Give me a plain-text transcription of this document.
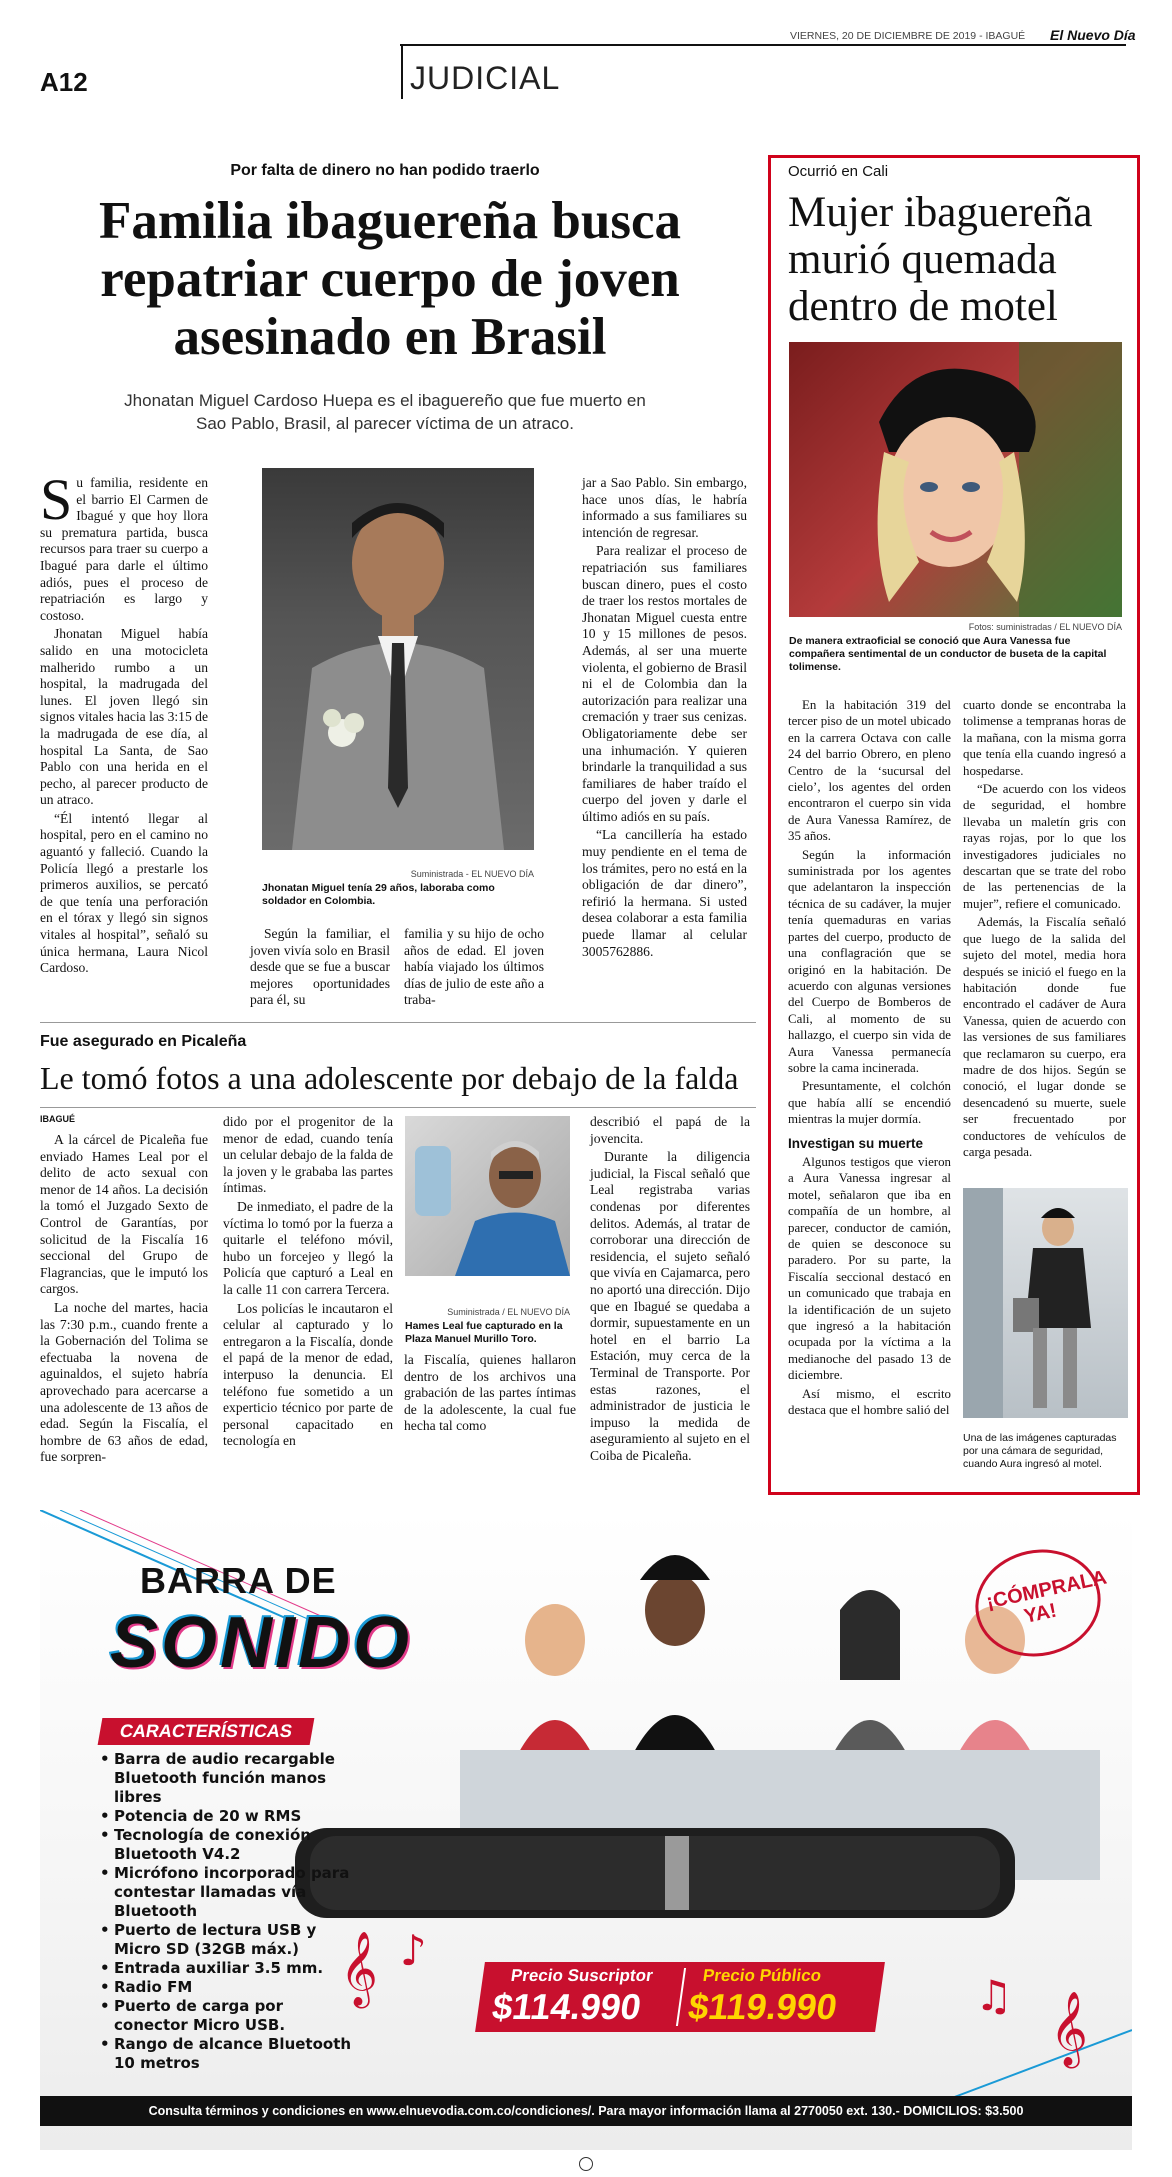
VIERNES, 20 DE DICIEMBRE DE 2019 - IBAGUÉ El Nuevo Día
A12	JUDICIAL
Por falta de dinero no han podido traerlo
Familia ibaguereña busca repatriar cuerpo de joven asesinado en Brasil
Jhonatan Miguel Cardoso Huepa es el ibaguereño que fue muerto en Sao Pablo, Brasil, al parecer víctima de un atraco.

Su familia, residente en el barrio El Carmen de Ibagué y que hoy llora su prematura partida, busca recursos para traer su cuerpo a Ibagué para darle el último adiós, pues el proceso de repatriación es largo y costoso.

Jhonatan Miguel había salido en una motocicleta malherido rumbo a un hospital, la madrugada del lunes. El joven llegó sin signos vitales hacia las 3:15 de la madrugada de ese día, al hospital La Santa, de Sao Pablo con una herida en el pecho, al parecer producto de un atraco.

“Él intentó llegar al hospital, pero en el camino no aguantó y falleció. Cuando la Policía llegó a prestarle los primeros auxilios, se percató de que tenía una perforación en el tórax y llegó sin signos vitales al hospital”, señaló su única hermana, Laura Nicol Cardoso.

Suministrada - EL NUEVO DÍA
Jhonatan Miguel tenía 29 años, laboraba como soldador en Colombia.

Según la familiar, el joven vivía solo en Brasil desde que se fue a buscar mejores oportunidades para él, su

familia y su hijo de ocho años de edad. El joven había viajado los últimos días de julio de este año a traba-

jar a Sao Pablo. Sin embargo, hace unos días, le habría informado a sus familiares su intención de regresar.

Para realizar el proceso de repatriación sus familiares buscan dinero, pues el costo de traer los restos mortales de Jhonatan Miguel cuesta entre 10 y 15 millones de pesos. Además, al ser una muerte violenta, el gobierno de Brasil ni el de Colombia dan la autorización para realizar una cremación y traer sus cenizas. Obligatoriamente debe ser una inhumación. Y quieren brindarle la tranquilidad a sus familiares de haber traído el cuerpo del joven y darle el último adiós en su país.

“La cancillería ha estado muy pendiente en el tema de los trámites, pero no está en la obligación de dar dinero”, refirió la hermana. Si usted desea colaborar a esta familia puede llamar al celular 3005762886.

Fue asegurado en Picaleña
Le tomó fotos a una adolescente por debajo de la falda
IBAGUÉ

A la cárcel de Picaleña fue enviado Hames Leal por el delito de acto sexual con menor de 14 años. La decisión la tomó el Juzgado Sexto de Control de Garantías, por solicitud de la Fiscalía 16 seccional del Grupo de Flagrancias, que le imputó los cargos.

La noche del martes, hacia las 7:30 p.m., cuando frente a la Gobernación del Tolima se efectuaba la novena de aguinaldos, el sujeto habría aprovechado para acercarse a una adolescente de 13 años de edad. Según la Fiscalía, el hombre de 63 años de edad, fue sorpren-

dido por el progenitor de la menor de edad, cuando tenía un celular debajo de la falda de la joven y le grababa las partes íntimas.

De inmediato, el padre de la víctima lo tomó por la fuerza a quitarle el teléfono móvil, hubo un forcejeo y llegó la Policía que capturó a Leal en la calle 11 con carrera Tercera.

Los policías le incautaron el celular al capturado y lo entregaron a la Fiscalía, donde el papá de la menor de edad, interpuso la denuncia. El teléfono fue sometido a un experticio técnico por parte de personal capacitado en tecnología en

Suministrada / EL NUEVO DÍA
Hames Leal fue capturado en la Plaza Manuel Murillo Toro.

la Fiscalía, quienes hallaron dentro de los archivos una grabación de las partes íntimas de la adolescente, la cual fue hecha tal como

describió el papá de la jovencita.

Durante la diligencia judicial, la Fiscal señaló que Leal registraba varias condenas por diferentes delitos. Además, al tratar de corroborar una dirección de residencia, el sujeto señaló que vivía en Cajamarca, pero no aportó una dirección. Dijo que en Ibagué se quedaba a dormir, supuestamente en un hotel en el barrio La Estación, muy cerca de la Terminal de Transporte. Por estas razones, el administrador de justicia le impuso la medida de aseguramiento al sujeto en el Coiba de Picaleña.

Ocurrió en Cali
Mujer ibaguereña murió quemada dentro de motel
Fotos: suministradas / EL NUEVO DÍA
De manera extraoficial se conoció que Aura Vanessa fue compañera sentimental de un conductor de buseta de la capital tolimense.

En la habitación 319 del tercer piso de un motel ubicado en la carrera Octava con calle 24 del barrio Obrero, en pleno Centro de la ‘sucursal del cielo’, los agentes del orden encontraron el cuerpo sin vida de Aura Vanessa Ramírez, de 35 años.

Según la información suministrada por los agentes que adelantaron la inspección técnica de su cadáver, la mujer tenía quemaduras en varias partes del cuerpo, producto de una conflagración que se originó en la habitación. De acuerdo con algunas versiones del Cuerpo de Bomberos de Cali, al momento de su hallazgo, el cuerpo sin vida de Aura Vanessa permanecía sobre la cama incinerada.

Presuntamente, el colchón que había allí se encendió mientras la mujer dormía.

Investigan su muerte

Algunos testigos que vieron a Aura Vanessa ingresar al motel, señalaron que iba en compañía de un hombre, al parecer, conductor de camión, de quien se desconoce su paradero. Por su parte, la Fiscalía seccional destacó en un comunicado que trabaja en la identificación de un sujeto que ingresó a la habitación ocupada por la víctima a la medianoche del pasado 13 de diciembre.

Así mismo, el escrito destaca que el hombre salió del

cuarto donde se encontraba la tolimense a tempranas horas de la mañana, con la misma gorra que tenía ella cuando ingresó a hospedarse.

“De acuerdo con los videos de seguridad, el hombre llevaba un maletín gris con rayas rojas, por lo que los investigadores judiciales no descartan que se trate del robo de las pertenencias de la mujer”, refiere el comunicado.

Además, la Fiscalía señaló que luego de la salida del sujeto del motel, media hora después se inició el fuego en la habitación donde fue encontrado el cadáver de Aura Vanessa, quien de acuerdo con las versiones de sus familiares que reclamaron su cuerpo, era madre de dos hijos. Según se conoció, el lugar donde se desencadenó su muerte, suele ser frecuentado por conductores de vehículos de carga pesada.

Una de las imágenes capturadas por una cámara de seguridad, cuando Aura ingresó al motel.
𝄞 ♪
♫ 𝄞
BARRA DE
SONIDO
¡CÓMPRALA YA!
CARACTERÍSTICAS
• Barra de audio recargable Bluetooth función manos libres
• Potencia de 20 w RMS
• Tecnología de conexión Bluetooth V4.2
• Micrófono incorporado para contestar llamadas vía Bluetooth
• Puerto de lectura USB y Micro SD (32GB máx.)
• Entrada auxiliar 3.5 mm.
• Radio FM
• Puerto de carga por conector Micro USB.
• Rango de alcance Bluetooth 10 metros
Precio Suscriptor
$114.990
Precio Público
$119.990
Consulta términos y condiciones en www.elnuevodia.com.co/condiciones/. Para mayor información llama al 2770050 ext. 130.- DOMICILIOS: $3.500
